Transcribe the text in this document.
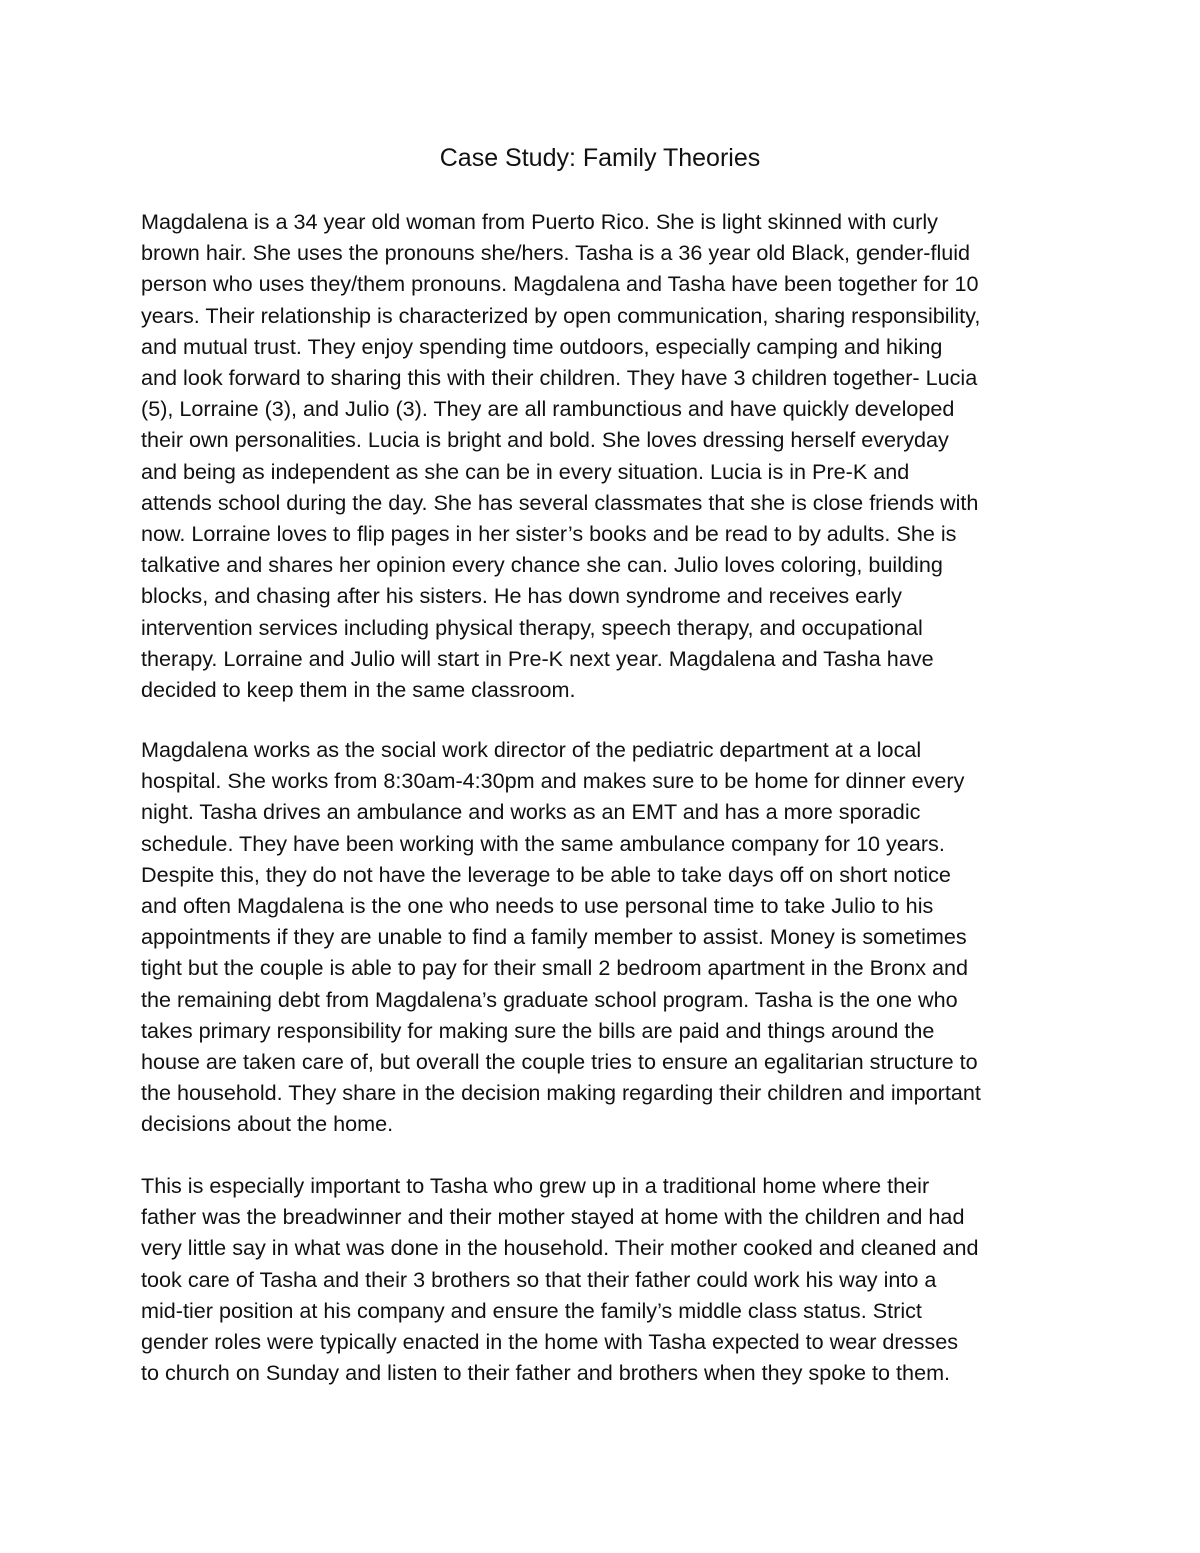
Case Study: Family Theories

Magdalena is a 34 year old woman from Puerto Rico. She is light skinned with curly
brown hair. She uses the pronouns she/hers. Tasha is a 36 year old Black, gender-fluid
person who uses they/them pronouns. Magdalena and Tasha have been together for 10
years. Their relationship is characterized by open communication, sharing responsibility,
and mutual trust. They enjoy spending time outdoors, especially camping and hiking
and look forward to sharing this with their children. They have 3 children together- Lucia
(5), Lorraine (3), and Julio (3). They are all rambunctious and have quickly developed
their own personalities. Lucia is bright and bold. She loves dressing herself everyday
and being as independent as she can be in every situation. Lucia is in Pre-K and
attends school during the day. She has several classmates that she is close friends with
now. Lorraine loves to flip pages in her sister’s books and be read to by adults. She is
talkative and shares her opinion every chance she can. Julio loves coloring, building
blocks, and chasing after his sisters. He has down syndrome and receives early
intervention services including physical therapy, speech therapy, and occupational
therapy. Lorraine and Julio will start in Pre-K next year. Magdalena and Tasha have
decided to keep them in the same classroom.

Magdalena works as the social work director of the pediatric department at a local
hospital. She works from 8:30am-4:30pm and makes sure to be home for dinner every
night. Tasha drives an ambulance and works as an EMT and has a more sporadic
schedule. They have been working with the same ambulance company for 10 years.
Despite this, they do not have the leverage to be able to take days off on short notice
and often Magdalena is the one who needs to use personal time to take Julio to his
appointments if they are unable to find a family member to assist. Money is sometimes
tight but the couple is able to pay for their small 2 bedroom apartment in the Bronx and
the remaining debt from Magdalena’s graduate school program. Tasha is the one who
takes primary responsibility for making sure the bills are paid and things around the
house are taken care of, but overall the couple tries to ensure an egalitarian structure to
the household. They share in the decision making regarding their children and important
decisions about the home.

This is especially important to Tasha who grew up in a traditional home where their
father was the breadwinner and their mother stayed at home with the children and had
very little say in what was done in the household. Their mother cooked and cleaned and
took care of Tasha and their 3 brothers so that their father could work his way into a
mid-tier position at his company and ensure the family’s middle class status. Strict
gender roles were typically enacted in the home with Tasha expected to wear dresses
to church on Sunday and listen to their father and brothers when they spoke to them.
